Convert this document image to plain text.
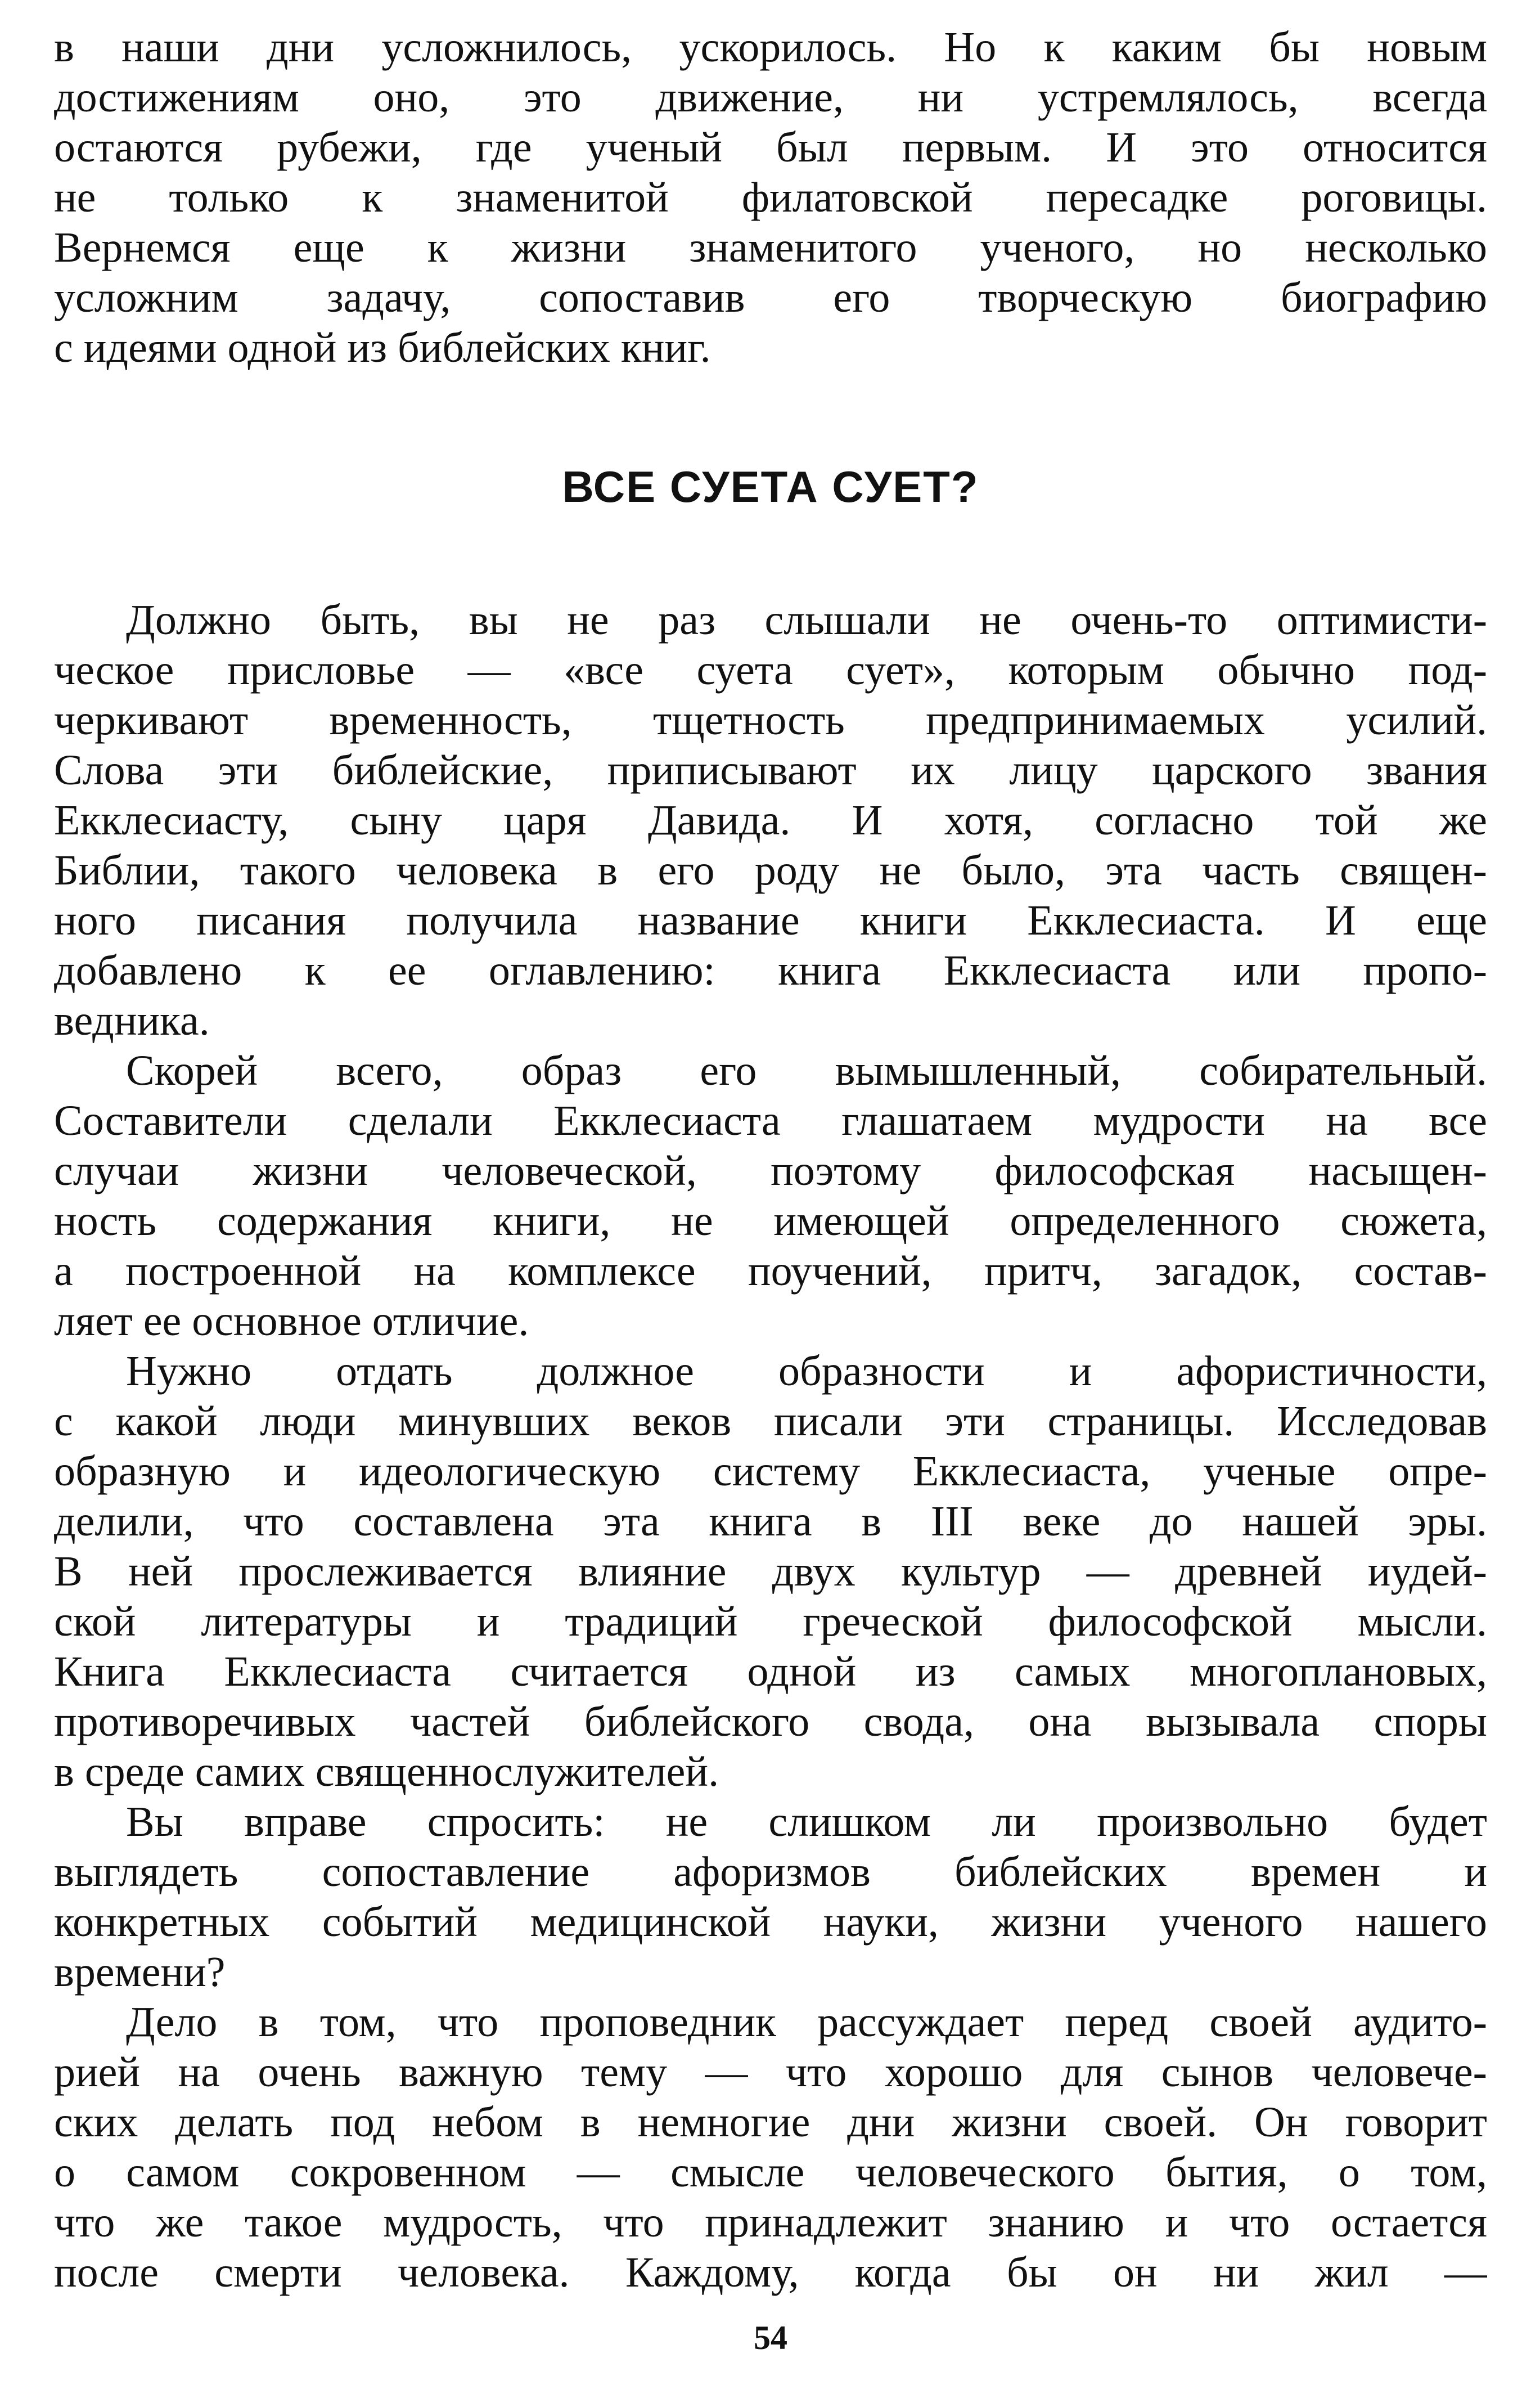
в наши дни усложнилось, ускорилось. Но к каким бы новым
достижениям оно, это движение, ни устремлялось, всегда
остаются рубежи, где ученый был первым. И это относится
не только к знаменитой филатовской пересадке роговицы.
Вернемся еще к жизни знаменитого ученого, но несколько
усложним задачу, сопоставив его творческую биографию
с идеями одной из библейских книг.
ВСЕ СУЕТА СУЕТ?
Должно быть, вы не раз слышали не очень-то оптимисти-
ческое присловье — «все суета сует», которым обычно под-
черкивают временность, тщетность предпринимаемых усилий.
Слова эти библейские, приписывают их лицу царского звания
Екклесиасту, сыну царя Давида. И хотя, согласно той же
Библии, такого человека в его роду не было, эта часть священ-
ного писания получила название книги Екклесиаста. И еще
добавлено к ее оглавлению: книга Екклесиаста или пропо-
ведника.
Скорей всего, образ его вымышленный, собирательный.
Составители сделали Екклесиаста глашатаем мудрости на все
случаи жизни человеческой, поэтому философская насыщен-
ность содержания книги, не имеющей определенного сюжета,
а построенной на комплексе поучений, притч, загадок, состав-
ляет ее основное отличие.
Нужно отдать должное образности и афористичности,
с какой люди минувших веков писали эти страницы. Исследовав
образную и идеологическую систему Екклесиаста, ученые опре-
делили, что составлена эта книга в III веке до нашей эры.
В ней прослеживается влияние двух культур — древней иудей-
ской литературы и традиций греческой философской мысли.
Книга Екклесиаста считается одной из самых многоплановых,
противоречивых частей библейского свода, она вызывала споры
в среде самих священнослужителей.
Вы вправе спросить: не слишком ли произвольно будет
выглядеть сопоставление афоризмов библейских времен и
конкретных событий медицинской науки, жизни ученого нашего
времени?
Дело в том, что проповедник рассуждает перед своей аудито-
рией на очень важную тему — что хорошо для сынов человече-
ских делать под небом в немногие дни жизни своей. Он говорит
о самом сокровенном — смысле человеческого бытия, о том,
что же такое мудрость, что принадлежит знанию и что остается
после смерти человека. Каждому, когда бы он ни жил —
54
